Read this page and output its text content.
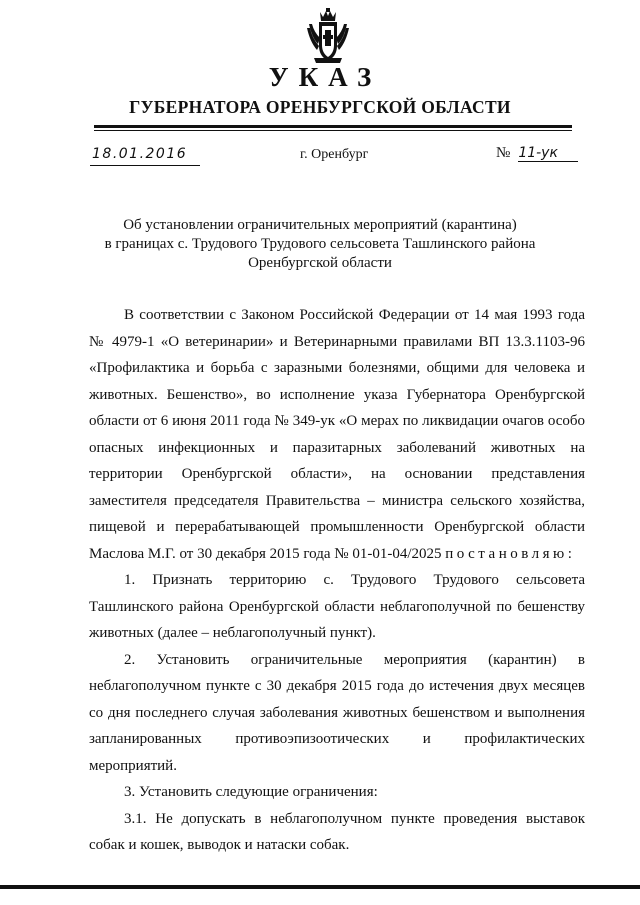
УКАЗ
ГУБЕРНАТОРА ОРЕНБУРГСКОЙ ОБЛАСТИ
18.01.2016	г. Оренбург	№ 11-ук
Об установлении ограничительных мероприятий (карантина)
в границах с. Трудового Трудового сельсовета Ташлинского района
Оренбургской области

В соответствии с Законом Российской Федерации от 14 мая 1993 года № 4979-1 «О ветеринарии» и Ветеринарными правилами ВП 13.3.1103-96 «Профилактика и борьба с заразными болезнями, общими для человека и животных. Бешенство», во исполнение указа Губернатора Оренбургской области от 6 июня 2011 года № 349-ук «О мерах по ликвидации очагов особо опасных инфекционных и паразитарных заболеваний животных на территории Оренбургской области», на основании представления заместителя председателя Правительства – министра сельского хозяйства, пищевой и перерабатывающей промышленности Оренбургской области Маслова М.Г. от 30 декабря 2015 года № 01-01-04/2025 постановляю:

1. Признать территорию с. Трудового Трудового сельсовета Ташлинского района Оренбургской области неблагополучной по бешенству животных (далее – неблагополучный пункт).

2. Установить ограничительные мероприятия (карантин) в неблагополучном пункте с 30 декабря 2015 года до истечения двух месяцев со дня последнего случая заболевания животных бешенством и выполнения запланированных противоэпизоотических и профилактических мероприятий.

3. Установить следующие ограничения:

3.1. Не допускать в неблагополучном пункте проведения выставок собак и кошек, выводок и натаски собак.
